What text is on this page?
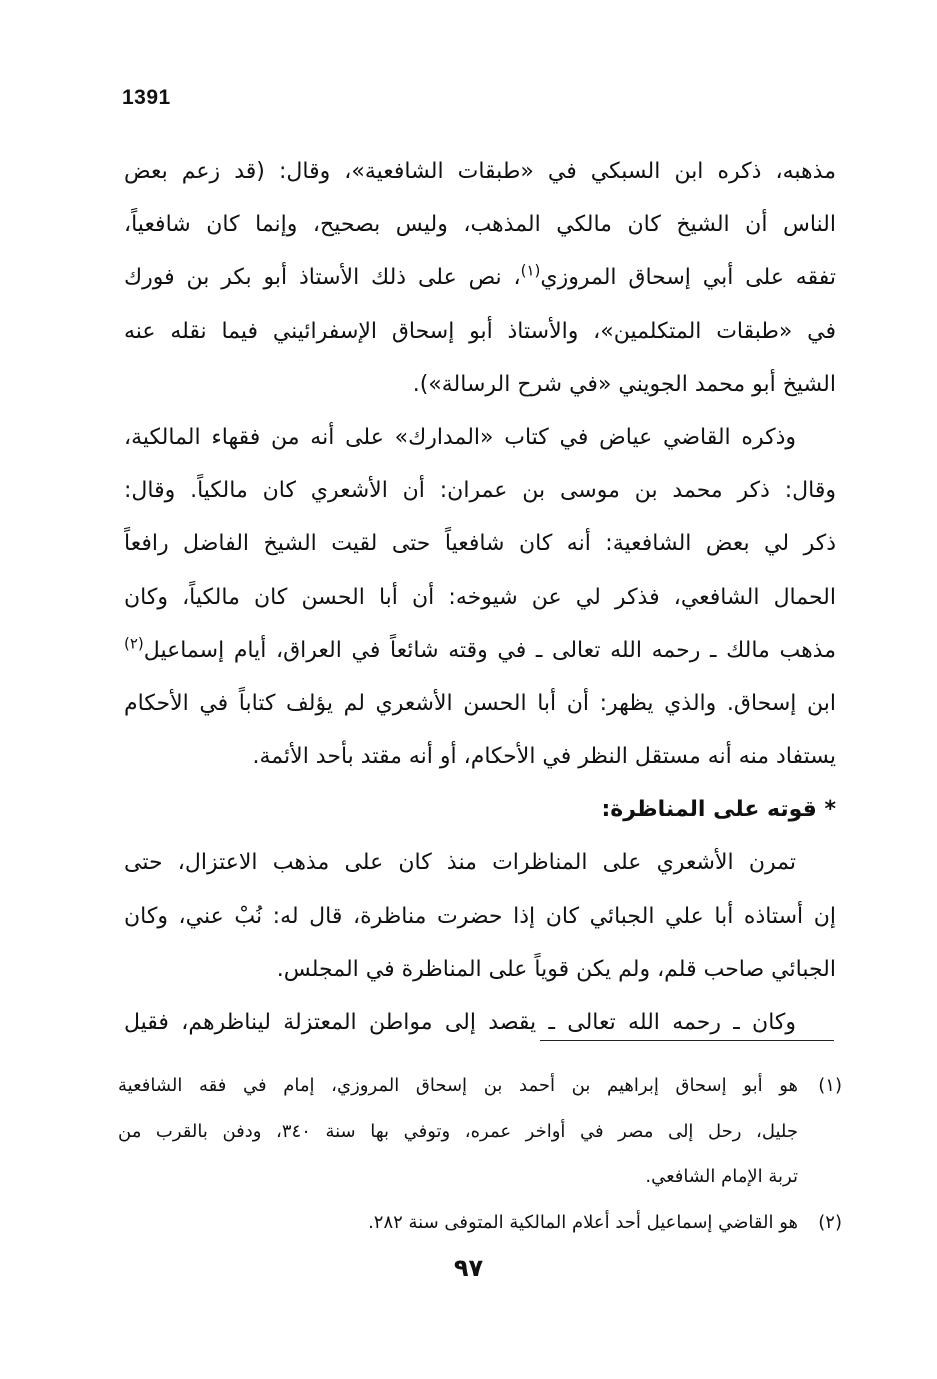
1391
مذهبه، ذكره ابن السبكي في «طبقات الشافعية»، وقال: (قد زعم بعض
الناس أن الشيخ كان مالكي المذهب، وليس بصحيح، وإنما كان شافعياً،
تفقه على أبي إسحاق المروزي$^{(١)}$، نص على ذلك الأستاذ أبو بكر بن فورك
في «طبقات المتكلمين»، والأستاذ أبو إسحاق الإسفرائيني فيما نقله عنه
الشيخ أبو محمد الجويني «في شرح الرسالة»).
وذكره القاضي عياض في كتاب «المدارك» على أنه من فقهاء المالكية،
وقال: ذكر محمد بن موسى بن عمران: أن الأشعري كان مالكياً. وقال:
ذكر لي بعض الشافعية: أنه كان شافعياً حتى لقيت الشيخ الفاضل رافعاً
الحمال الشافعي، فذكر لي عن شيوخه: أن أبا الحسن كان مالكياً، وكان
مذهب مالك ـ رحمه الله تعالى ـ في وقته شائعاً في العراق، أيام إسماعيل$^{(٢)}$
ابن إسحاق. والذي يظهر: أن أبا الحسن الأشعري لم يؤلف كتاباً في الأحكام
يستفاد منه أنه مستقل النظر في الأحكام، أو أنه مقتد بأحد الأئمة.
* قوته على المناظرة:
تمرن الأشعري على المناظرات منذ كان على مذهب الاعتزال، حتى
إن أستاذه أبا علي الجبائي كان إذا حضرت مناظرة، قال له: نُبْ عني، وكان
الجبائي صاحب قلم، ولم يكن قوياً على المناظرة في المجلس.
وكان ـ رحمه الله تعالى ـ يقصد إلى مواطن المعتزلة ليناظرهم، فقيل
(١)هو أبو إسحاق إبراهيم بن أحمد بن إسحاق المروزي، إمام في فقه الشافعية
جليل، رحل إلى مصر في أواخر عمره، وتوفي بها سنة ٣٤٠، ودفن بالقرب من
تربة الإمام الشافعي.
(٢)هو القاضي إسماعيل أحد أعلام المالكية المتوفى سنة ٢٨٢.
٩٧
